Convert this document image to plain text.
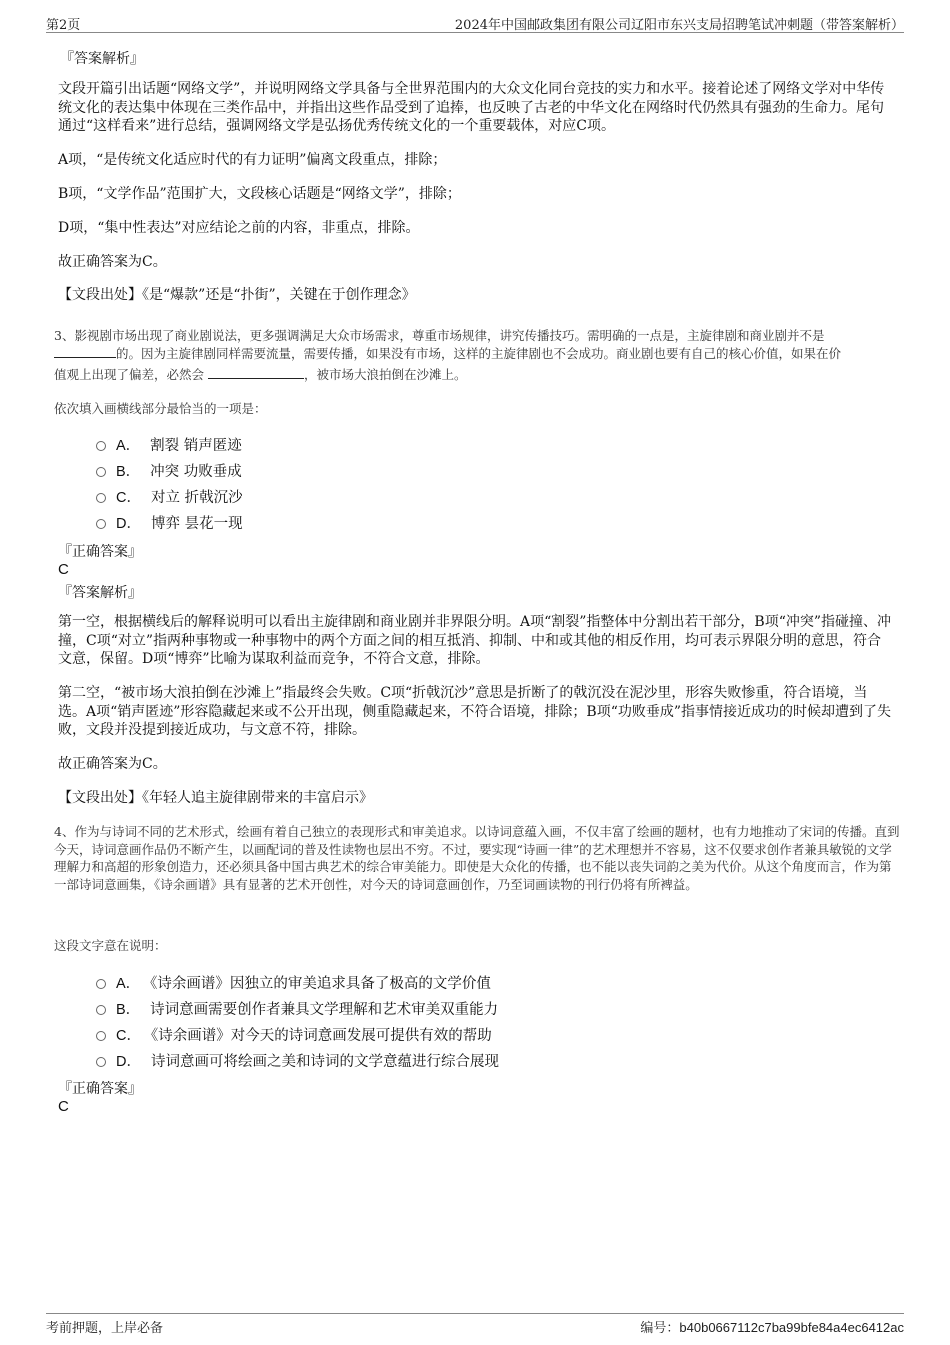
第2页	2024年中国邮政集团有限公司辽阳市东兴支局招聘笔试冲刺题（带答案解析）
『答案解析』
文段开篇引出话题“网络文学”，并说明网络文学具备与全世界范围内的大众文化同台竞技的实力和水平。接着论述了网络文学对中华传统文化的表达集中体现在三类作品中，并指出这些作品受到了追捧，也反映了古老的中华文化在网络时代仍然具有强劲的生命力。尾句通过“这样看来”进行总结，强调网络文学是弘扬优秀传统文化的一个重要载体，对应C项。
A项，“是传统文化适应时代的有力证明”偏离文段重点，排除；
B项，“文学作品”范围扩大，文段核心话题是“网络文学”，排除；
D项，“集中性表达”对应结论之前的内容，非重点，排除。
故正确答案为C。
【文段出处】《是“爆款”还是“扑街”，关键在于创作理念》
3、影视剧市场出现了商业剧说法，更多强调满足大众市场需求，尊重市场规律，讲究传播技巧。需明确的一点是，主旋律剧和商业剧并不是
的。因为主旋律剧同样需要流量，需要传播，如果没有市场，这样的主旋律剧也不会成功。商业剧也要有自己的核心价值，如果在价
值观上出现了偏差，必然会	，被市场大浪拍倒在沙滩上。
依次填入画横线部分最恰当的一项是：
A． 割裂 销声匿迹
B． 冲突 功败垂成
C． 对立 折戟沉沙
D． 博弈 昙花一现
『正确答案』
C
『答案解析』
第一空，根据横线后的解释说明可以看出主旋律剧和商业剧并非界限分明。A项“割裂”指整体中分割出若干部分，B项“冲突”指碰撞、冲撞，C项“对立”指两种事物或一种事物中的两个方面之间的相互抵消、抑制、中和或其他的相反作用，均可表示界限分明的意思，符合文意，保留。D项“博弈”比喻为谋取利益而竞争，不符合文意，排除。
第二空，“被市场大浪拍倒在沙滩上”指最终会失败。C项“折戟沉沙”意思是折断了的戟沉没在泥沙里，形容失败惨重，符合语境，当选。A项“销声匿迹”形容隐藏起来或不公开出现，侧重隐藏起来，不符合语境，排除；B项“功败垂成”指事情接近成功的时候却遭到了失败，文段并没提到接近成功，与文意不符，排除。
故正确答案为C。
【文段出处】《年轻人追主旋律剧带来的丰富启示》
4、作为与诗词不同的艺术形式，绘画有着自己独立的表现形式和审美追求。以诗词意蕴入画，不仅丰富了绘画的题材，也有力地推动了宋词的传播。直到今天，诗词意画作品仍不断产生，以画配词的普及性读物也层出不穷。不过，要实现“诗画一律”的艺术理想并不容易，这不仅要求创作者兼具敏锐的文学理解力和高超的形象创造力，还必须具备中国古典艺术的综合审美能力。即使是大众化的传播，也不能以丧失词韵之美为代价。从这个角度而言，作为第一部诗词意画集，《诗余画谱》具有显著的艺术开创性，对今天的诗词意画创作，乃至词画读物的刊行仍将有所裨益。
这段文字意在说明：
A． 《诗余画谱》因独立的审美追求具备了极高的文学价值
B． 诗词意画需要创作者兼具文学理解和艺术审美双重能力
C． 《诗余画谱》对今天的诗词意画发展可提供有效的帮助
D． 诗词意画可将绘画之美和诗词的文学意蕴进行综合展现
『正确答案』
C
考前押题，上岸必备	编号：b40b0667112c7ba99bfe84a4ec6412ac
